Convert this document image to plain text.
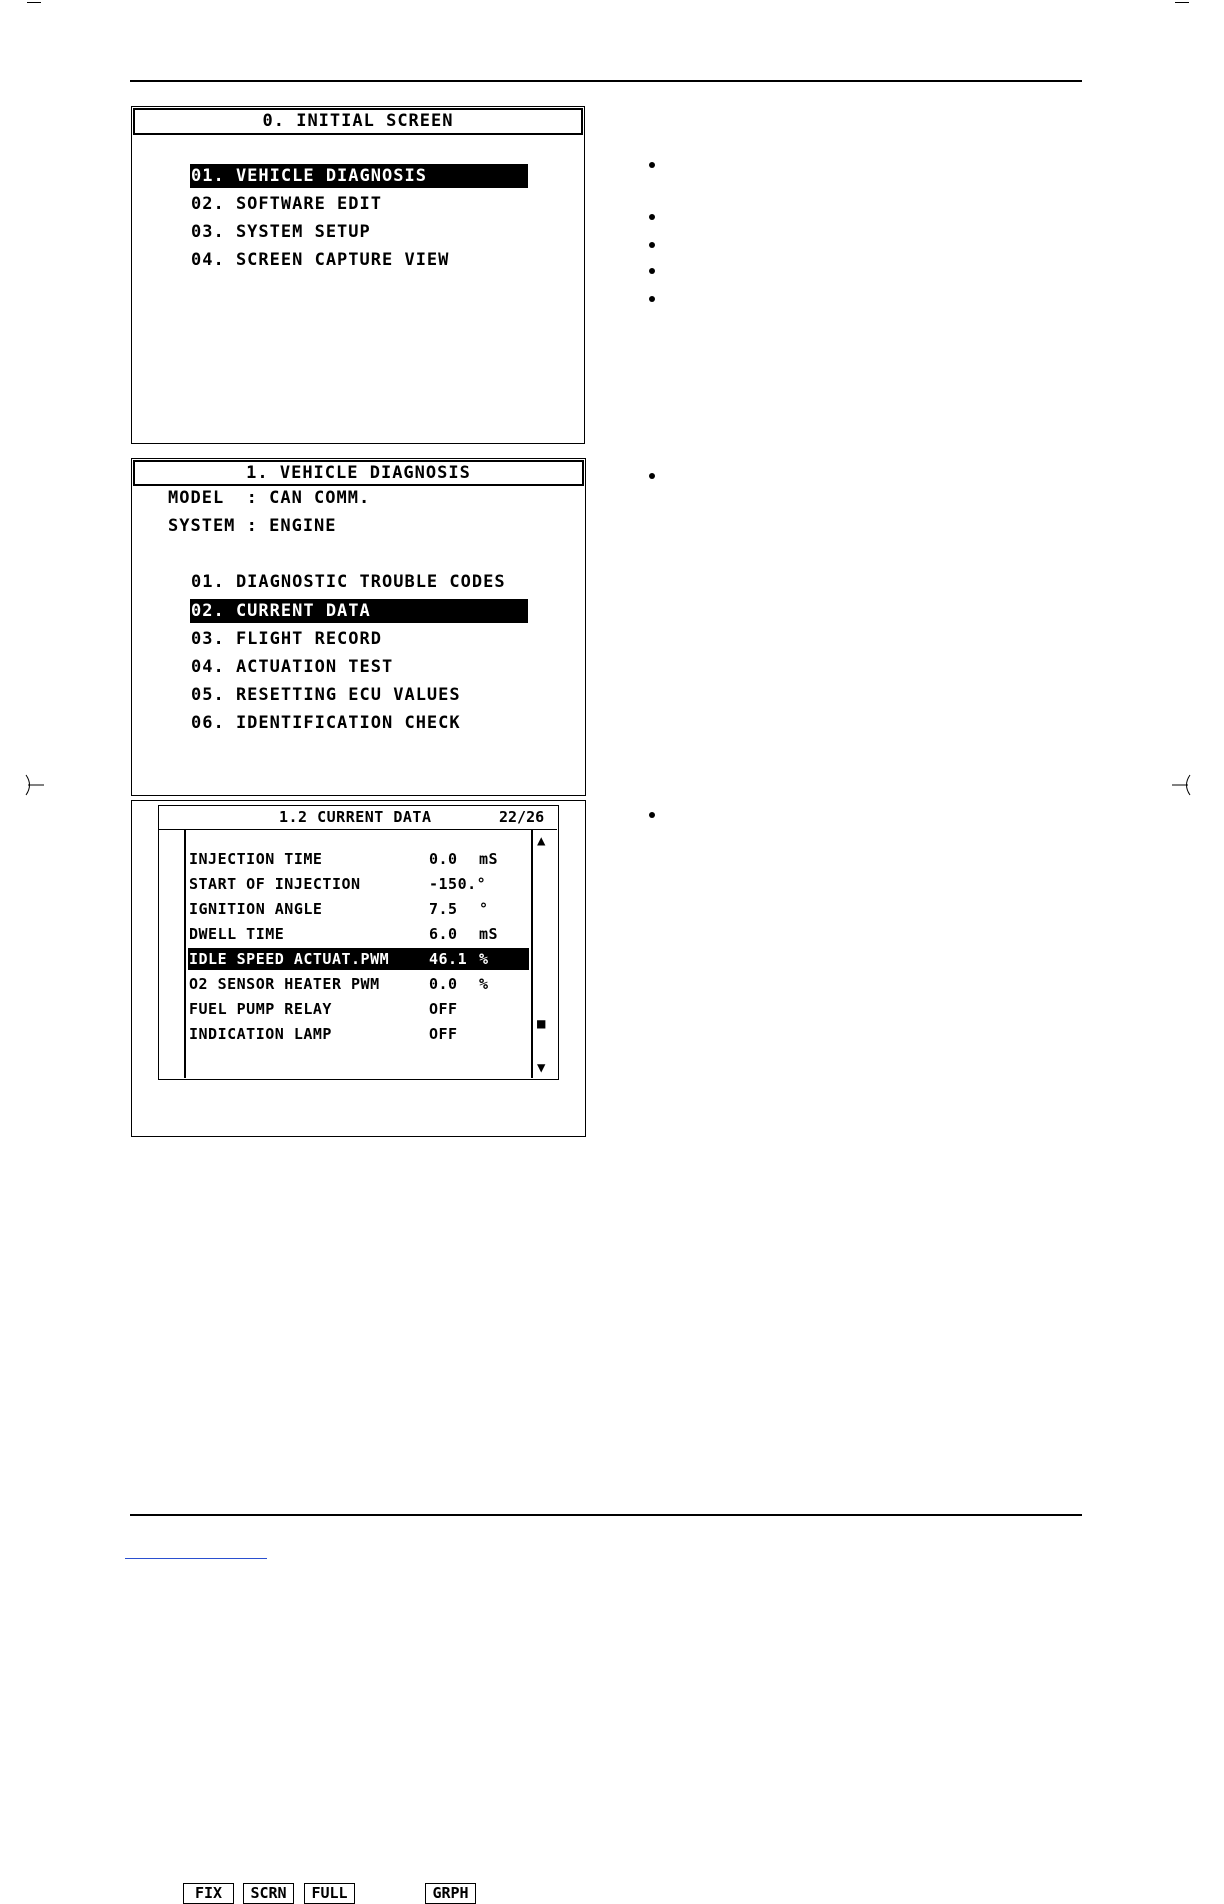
0. INITIAL SCREEN
01. VEHICLE DIAGNOSIS
02. SOFTWARE EDIT
03. SYSTEM SETUP
04. SCREEN CAPTURE VIEW
1. VEHICLE DIAGNOSIS
MODEL  : CAN COMM.
SYSTEM : ENGINE
01. DIAGNOSTIC TROUBLE CODES
02. CURRENT DATA
03. FLIGHT RECORD
04. ACTUATION TEST
05. RESETTING ECU VALUES
06. IDENTIFICATION CHECK
1.2 CURRENT DATA	22/26
▲
■
▼
INJECTION TIME	0.0 mS
START OF INJECTION	-150.°
IGNITION ANGLE	7.5 °
DWELL TIME	6.0 mS
IDLE SPEED ACTUAT.PWM	46.1 %
O2 SENSOR HEATER PWM	0.0 %
FUEL PUMP RELAY	OFF
INDICATION LAMP	OFF
FIX	SCRN	FULL	GRPH
